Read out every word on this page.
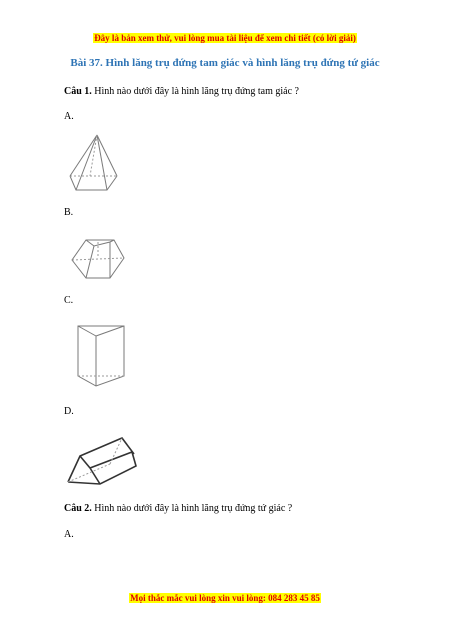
Đây là bản xem thử, vui lòng mua tài liệu để xem chi tiết (có lời giải)
Bài 37. Hình lăng trụ đứng tam giác và hình lăng trụ đứng tứ giác
Câu 1. Hình nào dưới đây là hình lăng trụ đứng tam giác ?
A.
B.
C.
D.
Câu 2. Hình nào dưới đây là hình lăng trụ đứng tứ giác ?
A.
Mọi thắc mắc vui lòng xin vui lòng: 084 283 45 85
